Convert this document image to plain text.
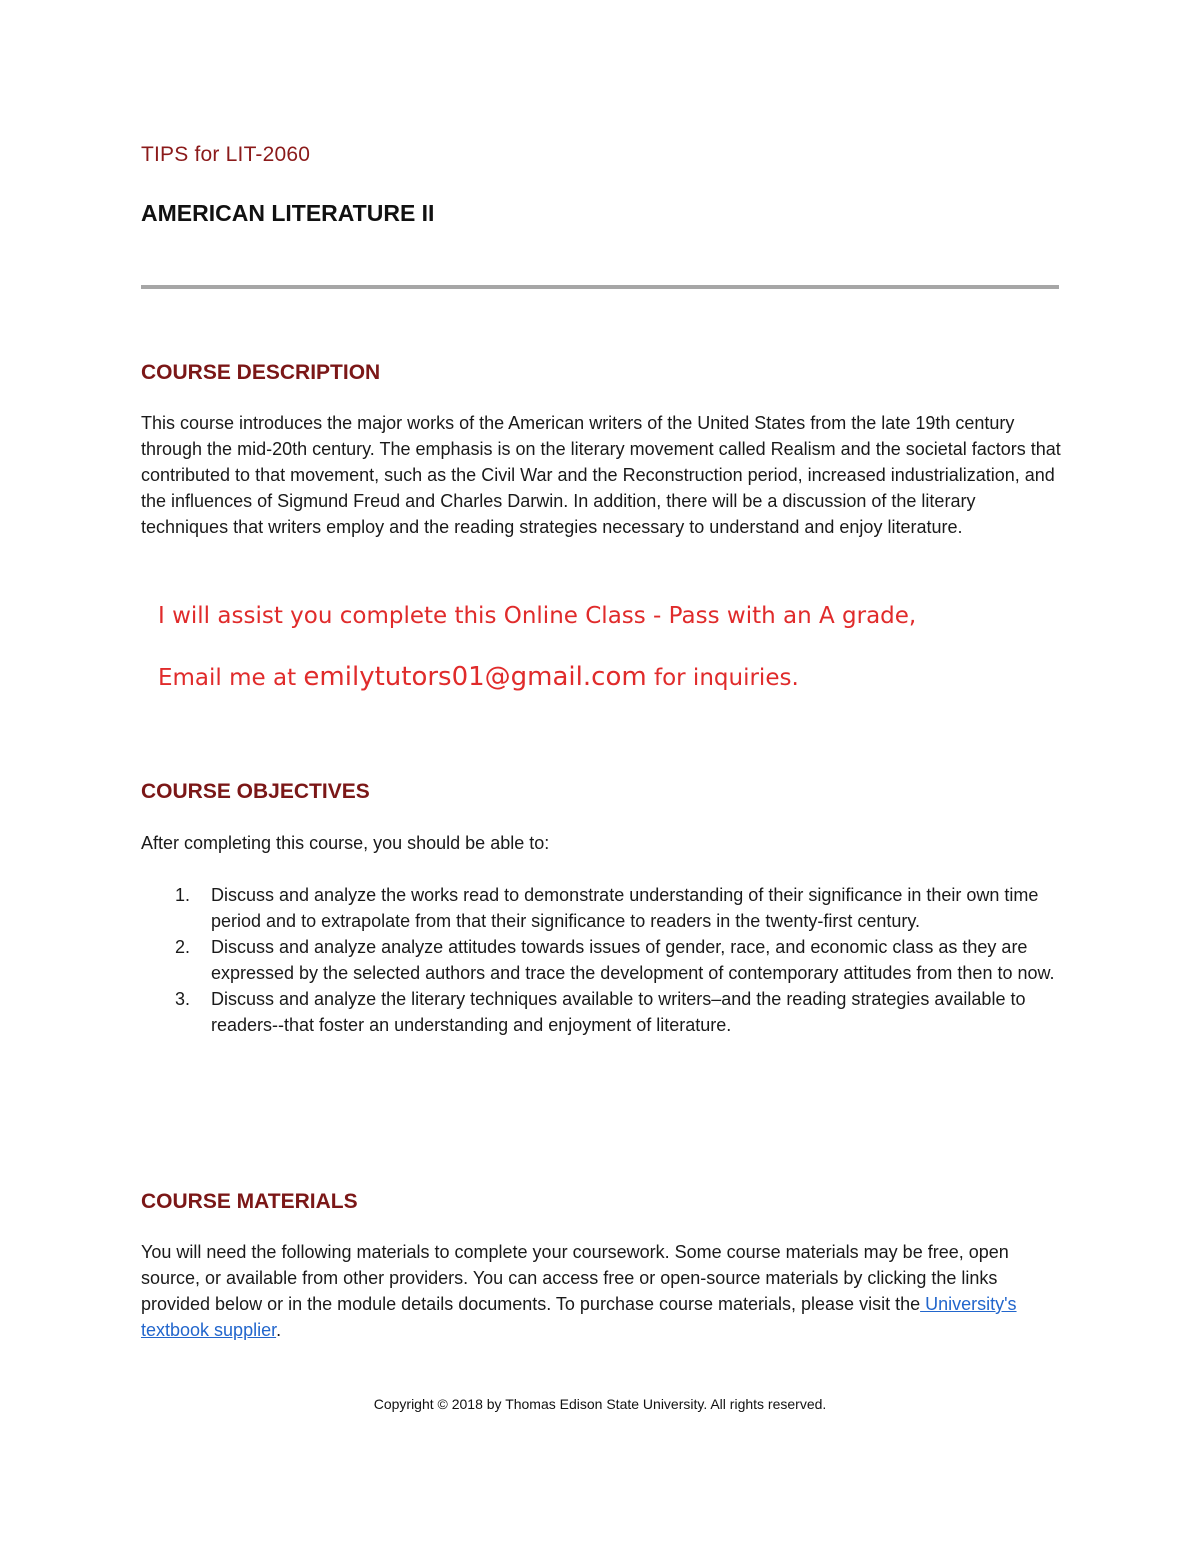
TIPS for LIT-2060
AMERICAN LITERATURE II
COURSE DESCRIPTION

This course introduces the major works of the American writers of the United States from the late 19th century through the mid-20th century. The emphasis is on the literary movement called Realism and the societal factors that contributed to that movement, such as the Civil War and the Reconstruction period, increased industrialization, and the influences of Sigmund Freud and Charles Darwin. In addition, there will be a discussion of the literary techniques that writers employ and the reading strategies necessary to understand and enjoy literature.

I will assist you complete this Online Class - Pass with an A grade,

Email me at emilytutors01@gmail.com for inquiries.

COURSE OBJECTIVES

After completing this course, you should be able to:

1. Discuss and analyze the works read to demonstrate understanding of their significance in their own time period and to extrapolate from that their significance to readers in the twenty-first century.
2. Discuss and analyze analyze attitudes towards issues of gender, race, and economic class as they are expressed by the selected authors and trace the development of contemporary attitudes from then to now.
3. Discuss and analyze the literary techniques available to writers–and the reading strategies available to readers--that foster an understanding and enjoyment of literature.
COURSE MATERIALS

You will need the following materials to complete your coursework. Some course materials may be free, open source, or available from other providers. You can access free or open-source materials by clicking the links provided below or in the module details documents. To purchase course materials, please visit the University's textbook supplier.

Copyright © 2018 by Thomas Edison State University. All rights reserved.
